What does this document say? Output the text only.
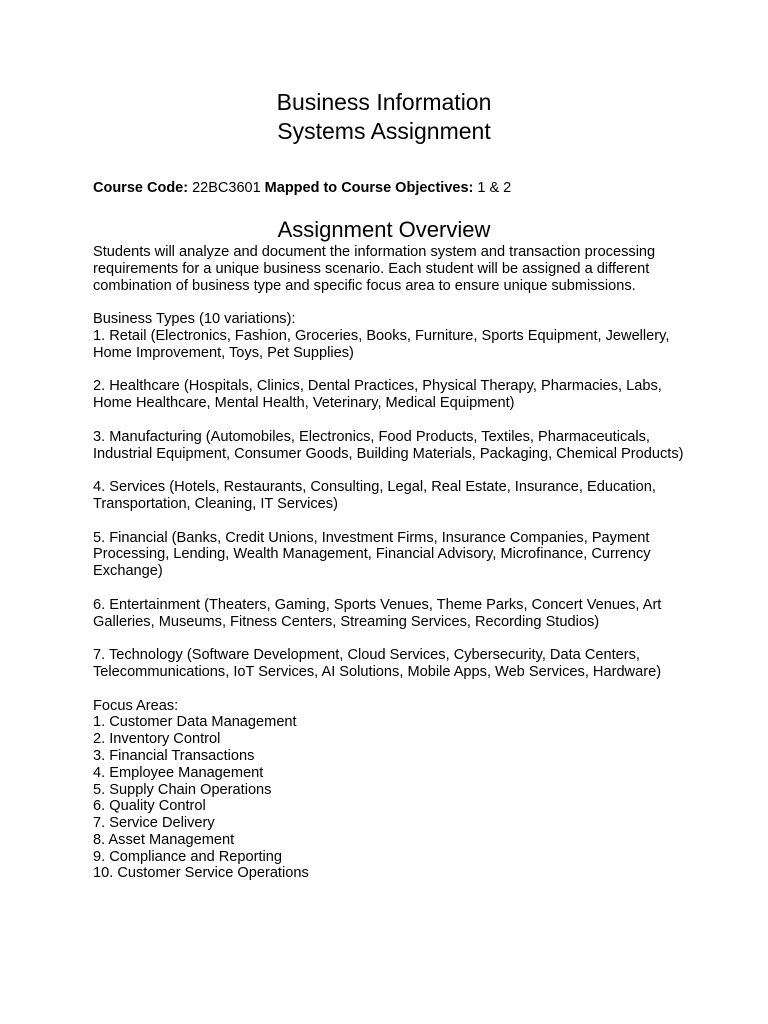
Business Information
Systems Assignment
Course Code: 22BC3601 Mapped to Course Objectives: 1 & 2
Assignment Overview

Students will analyze and document the information system and transaction processing requirements for a unique business scenario. Each student will be assigned a different combination of business type and specific focus area to ensure unique submissions.

Business Types (10 variations):
1. Retail (Electronics, Fashion, Groceries, Books, Furniture, Sports Equipment, Jewellery, Home Improvement, Toys, Pet Supplies)
2. Healthcare (Hospitals, Clinics, Dental Practices, Physical Therapy, Pharmacies, Labs, Home Healthcare, Mental Health, Veterinary, Medical Equipment)
3. Manufacturing (Automobiles, Electronics, Food Products, Textiles, Pharmaceuticals, Industrial Equipment, Consumer Goods, Building Materials, Packaging, Chemical Products)
4. Services (Hotels, Restaurants, Consulting, Legal, Real Estate, Insurance, Education, Transportation, Cleaning, IT Services)
5. Financial (Banks, Credit Unions, Investment Firms, Insurance Companies, Payment Processing, Lending, Wealth Management, Financial Advisory, Microfinance, Currency Exchange)
6. Entertainment (Theaters, Gaming, Sports Venues, Theme Parks, Concert Venues, Art Galleries, Museums, Fitness Centers, Streaming Services, Recording Studios)
7. Technology (Software Development, Cloud Services, Cybersecurity, Data Centers, Telecommunications, IoT Services, AI Solutions, Mobile Apps, Web Services, Hardware)
Focus Areas:
1. Customer Data Management
2. Inventory Control
3. Financial Transactions
4. Employee Management
5. Supply Chain Operations
6. Quality Control
7. Service Delivery
8. Asset Management
9. Compliance and Reporting
10. Customer Service Operations
